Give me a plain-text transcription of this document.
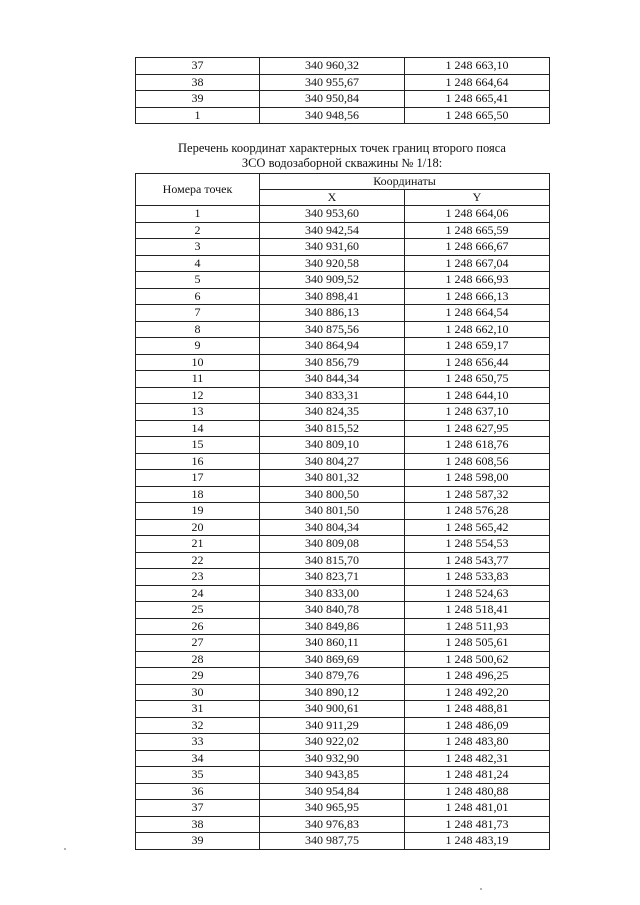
37	340 960,32	1 248 663,10
38	340 955,67	1 248 664,64
39	340 950,84	1 248 665,41
1	340 948,56	1 248 665,50
Перечень координат характерных точек границ второго пояса
ЗСО водозаборной скважины № 1/18:
Номера точек	Координаты	
	X	Y
1	340 953,60	1 248 664,06
2	340 942,54	1 248 665,59
3	340 931,60	1 248 666,67
4	340 920,58	1 248 667,04
5	340 909,52	1 248 666,93
6	340 898,41	1 248 666,13
7	340 886,13	1 248 664,54
8	340 875,56	1 248 662,10
9	340 864,94	1 248 659,17
10	340 856,79	1 248 656,44
11	340 844,34	1 248 650,75
12	340 833,31	1 248 644,10
13	340 824,35	1 248 637,10
14	340 815,52	1 248 627,95
15	340 809,10	1 248 618,76
16	340 804,27	1 248 608,56
17	340 801,32	1 248 598,00
18	340 800,50	1 248 587,32
19	340 801,50	1 248 576,28
20	340 804,34	1 248 565,42
21	340 809,08	1 248 554,53
22	340 815,70	1 248 543,77
23	340 823,71	1 248 533,83
24	340 833,00	1 248 524,63
25	340 840,78	1 248 518,41
26	340 849,86	1 248 511,93
27	340 860,11	1 248 505,61
28	340 869,69	1 248 500,62
29	340 879,76	1 248 496,25
30	340 890,12	1 248 492,20
31	340 900,61	1 248 488,81
32	340 911,29	1 248 486,09
33	340 922,02	1 248 483,80
34	340 932,90	1 248 482,31
35	340 943,85	1 248 481,24
36	340 954,84	1 248 480,88
37	340 965,95	1 248 481,01
38	340 976,83	1 248 481,73
39	340 987,75	1 248 483,19
